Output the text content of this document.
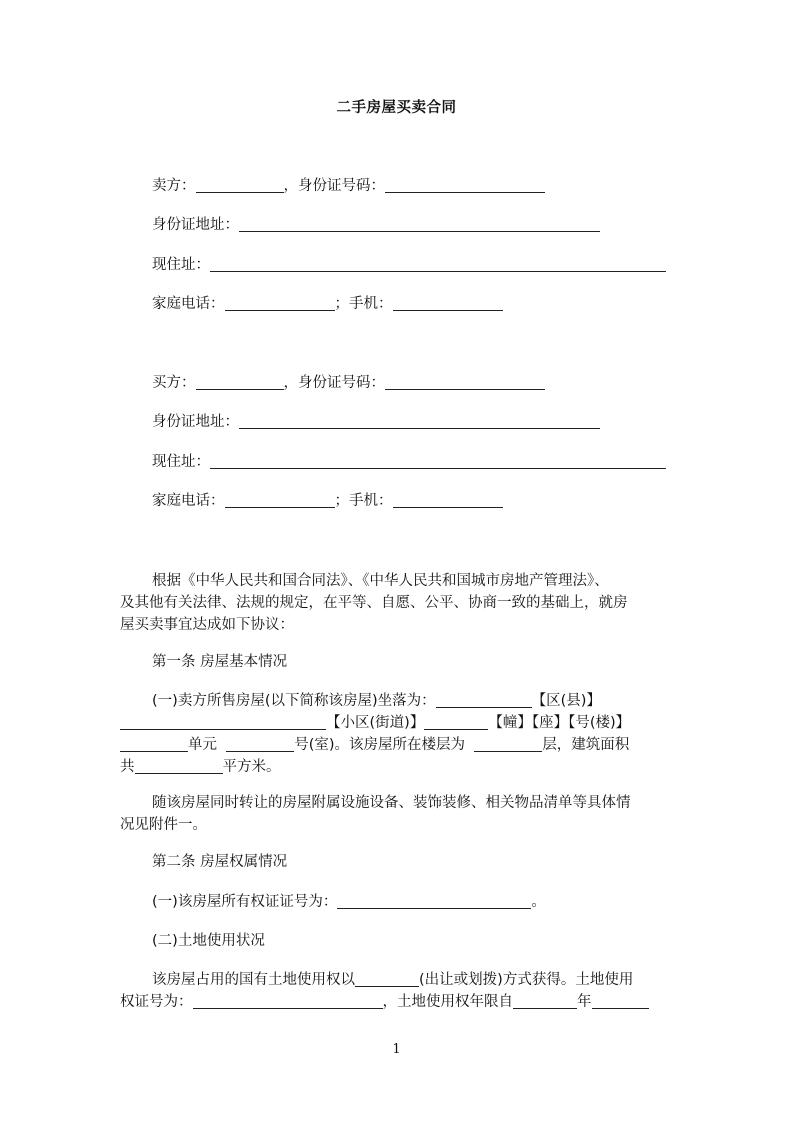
二手房屋买卖合同
卖方：	，身份证号码：
身份证地址：
现住址：
家庭电话：	；手机：
买方：	，身份证号码：
身份证地址：
现住址：
家庭电话：	；手机：
根据《中华人民共和国合同法》、《中华人民共和国城市房地产管理法》、
及其他有关法律、法规的规定，在平等、自愿、公平、协商一致的基础上，就房
屋买卖事宜达成如下协议：
第一条 房屋基本情况
(一)卖方所售房屋(以下简称该房屋)坐落为：	【区(县)】
【小区(街道)】	【幢】【座】【号(楼)】
单元	号(室)。该房屋所在楼层为	层，建筑面积
共	平方米。
随该房屋同时转让的房屋附属设施设备、装饰装修、相关物品清单等具体情
况见附件一。
第二条 房屋权属情况
(一)该房屋所有权证证号为：	。
(二)土地使用状况
该房屋占用的国有土地使用权以	(出让或划拨)方式获得。土地使用
权证号为：	，土地使用权年限自	年
1
